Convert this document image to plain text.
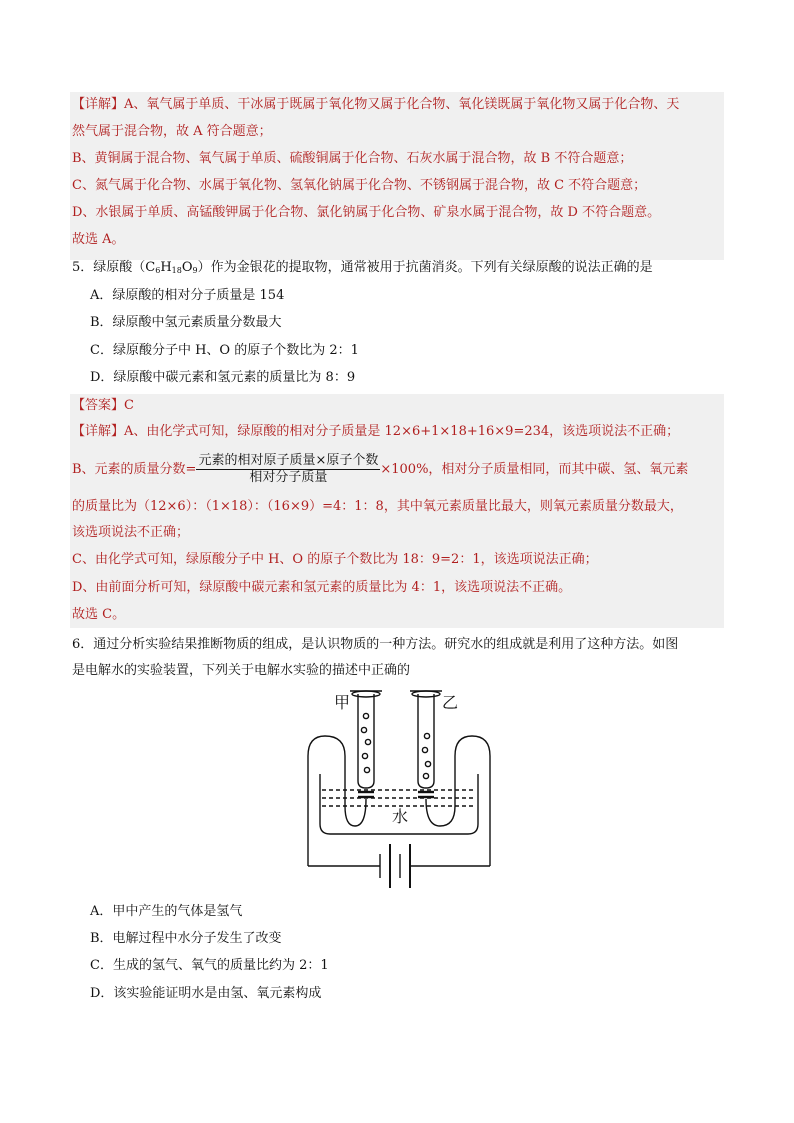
【详解】A、氧气属于单质、干冰属于既属于氧化物又属于化合物、氧化镁既属于氧化物又属于化合物、天
然气属于混合物，故 A 符合题意；
B、黄铜属于混合物、氧气属于单质、硫酸铜属于化合物、石灰水属于混合物，故 B 不符合题意；
C、氮气属于化合物、水属于氧化物、氢氧化钠属于化合物、不锈钢属于混合物，故 C 不符合题意；
D、水银属于单质、高锰酸钾属于化合物、氯化钠属于化合物、矿泉水属于混合物，故 D 不符合题意。
故选 A。
5．绿原酸$(C_6H_{18}O_9)$作为金银花的提取物，通常被用于抗菌消炎。下列有关绿原酸的说法正确的是
A．绿原酸的相对分子质量是 154
B．绿原酸中氢元素质量分数最大
C．绿原酸分子中 H、O 的原子个数比为 2：1
D．绿原酸中碳元素和氢元素的质量比为 8：9
【答案】C
【详解】A、由化学式可知，绿原酸的相对分子质量是 12×6+1×18+16×9=234，该选项说法不正确；
B、元素的质量分数= $\frac{\text{元素的相对原子质量×原子个数}}{\text{相对分子质量}} \times 100\%$，相对分子质量相同，而其中碳、氢、氧元素
的质量比为（12×6）：（1×18）：（16×9）=4：1：8，其中氧元素质量比最大，则氧元素质量分数最大，
该选项说法不正确；
C、由化学式可知，绿原酸分子中 H、O 的原子个数比为 18：9=2：1，该选项说法正确；
D、由前面分析可知，绿原酸中碳元素和氢元素的质量比为 4：1，该选项说法不正确。
故选 C。
6．通过分析实验结果推断物质的组成，是认识物质的一种方法。研究水的组成就是利用了这种方法。如图
是电解水的实验装置，下列关于电解水实验的描述中正确的
甲	乙
水
A．甲中产生的气体是氢气
B．电解过程中水分子发生了改变
C．生成的氢气、氧气的质量比约为 2：1
D．该实验能证明水是由氢、氧元素构成
